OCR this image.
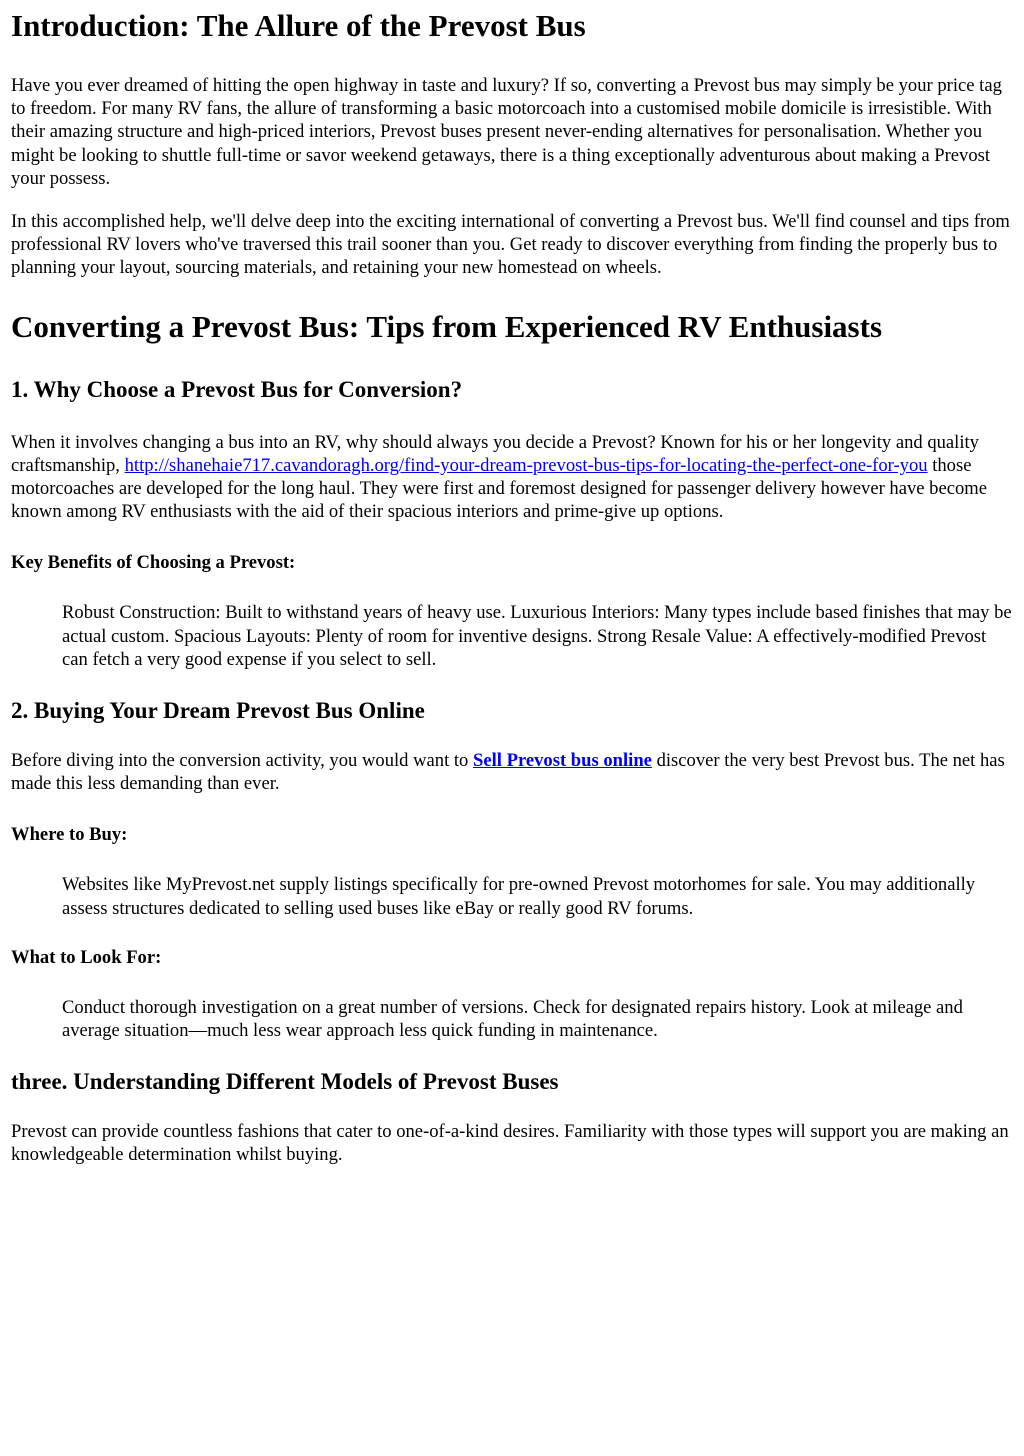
Introduction: The Allure of the Prevost Bus

Have you ever dreamed of hitting the open highway in taste and luxury? If so, converting a Prevost bus may simply be your price tag to freedom. For many RV fans, the allure of transforming a basic motorcoach into a customised mobile domicile is irresistible. With their amazing structure and high-priced interiors, Prevost buses present never-ending alternatives for personalisation. Whether you might be looking to shuttle full-time or savor weekend getaways, there is a thing exceptionally adventurous about making a Prevost your possess.

In this accomplished help, we'll delve deep into the exciting international of converting a Prevost bus. We'll find counsel and tips from professional RV lovers who've traversed this trail sooner than you. Get ready to discover everything from finding the properly bus to planning your layout, sourcing materials, and retaining your new homestead on wheels.

Converting a Prevost Bus: Tips from Experienced RV Enthusiasts
1. Why Choose a Prevost Bus for Conversion?

When it involves changing a bus into an RV, why should always you decide a Prevost? Known for his or her longevity and quality craftsmanship, http://shanehaie717.cavandoragh.org/find-your-dream-prevost-bus-tips-for-locating-the-perfect-one-for-you those motorcoaches are developed for the long haul. They were first and foremost designed for passenger delivery however have become known among RV enthusiasts with the aid of their spacious interiors and prime-give up options.

Key Benefits of Choosing a Prevost:

Robust Construction: Built to withstand years of heavy use. Luxurious Interiors: Many types include based finishes that may be actual custom. Spacious Layouts: Plenty of room for inventive designs. Strong Resale Value: A effectively-modified Prevost can fetch a very good expense if you select to sell.

2. Buying Your Dream Prevost Bus Online

Before diving into the conversion activity, you would want to Sell Prevost bus online discover the very best Prevost bus. The net has made this less demanding than ever.

Where to Buy:

Websites like MyPrevost.net supply listings specifically for pre-owned Prevost motorhomes for sale. You may additionally assess structures dedicated to selling used buses like eBay or really good RV forums.

What to Look For:

Conduct thorough investigation on a great number of versions. Check for designated repairs history. Look at mileage and average situation—much less wear approach less quick funding in maintenance.

three. Understanding Different Models of Prevost Buses

Prevost can provide countless fashions that cater to one-of-a-kind desires. Familiarity with those types will support you are making an knowledgeable determination whilst buying.
